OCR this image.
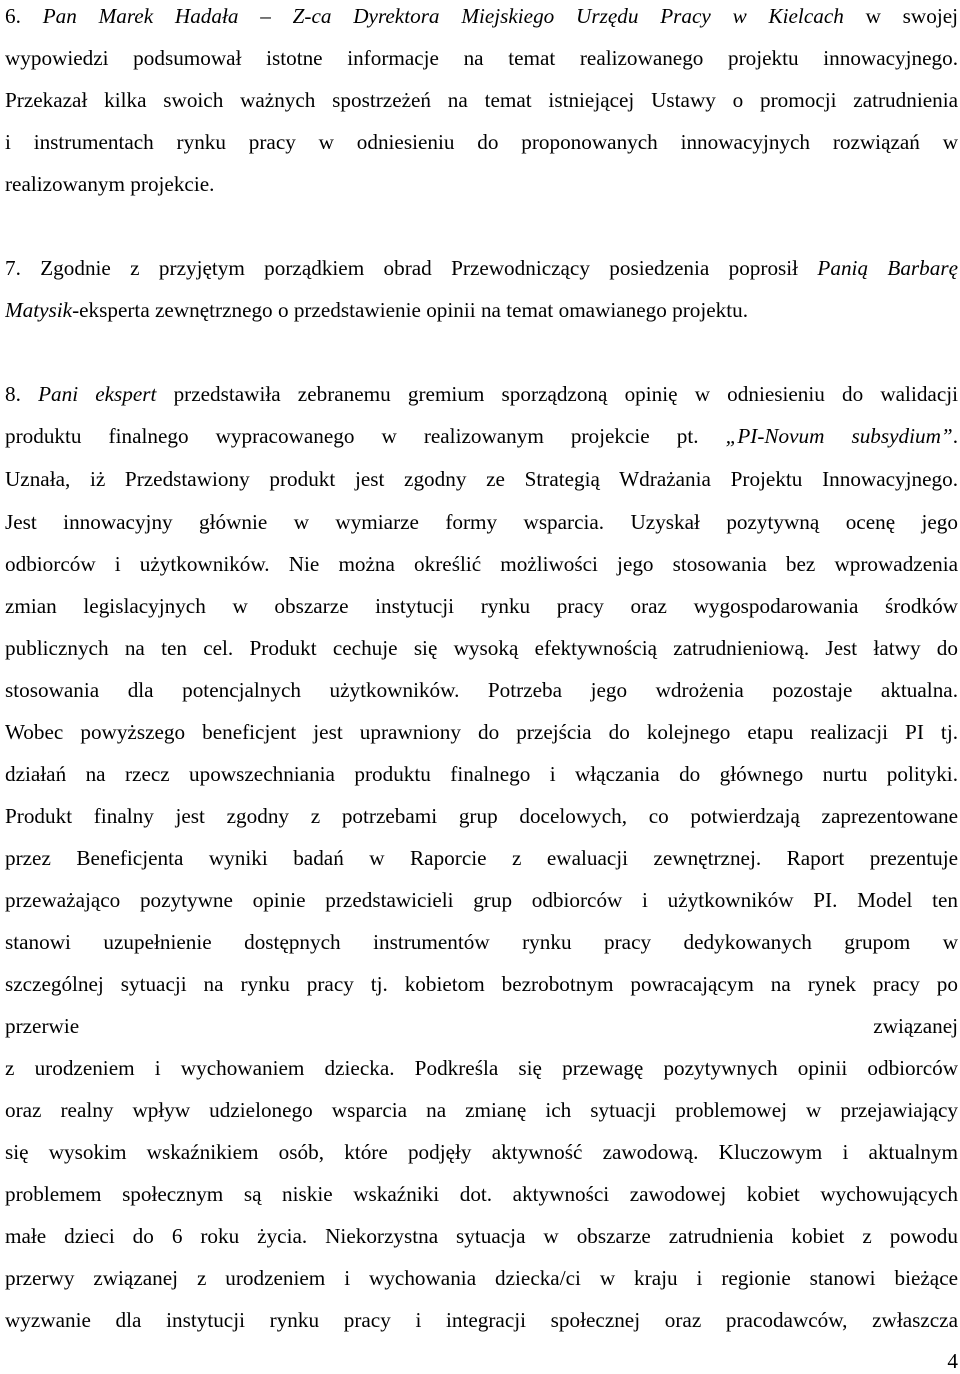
6. Pan Marek Hadała – Z-ca Dyrektora Miejskiego Urzędu Pracy w Kielcach w swojej
wypowiedzi podsumował istotne informacje na temat realizowanego projektu innowacyjnego.
Przekazał kilka swoich ważnych spostrzeżeń na temat istniejącej Ustawy o promocji zatrudnienia
i instrumentach rynku pracy w odniesieniu do proponowanych innowacyjnych rozwiązań w
realizowanym projekcie.
7. Zgodnie z przyjętym porządkiem obrad Przewodniczący posiedzenia poprosił Panią Barbarę
Matysik-eksperta zewnętrznego o przedstawienie opinii na temat omawianego projektu.
8. Pani ekspert przedstawiła zebranemu gremium sporządzoną opinię w odniesieniu do walidacji
produktu finalnego wypracowanego w realizowanym projekcie pt. „PI-Novum subsydium”.
Uznała, iż Przedstawiony produkt jest zgodny ze Strategią Wdrażania Projektu Innowacyjnego.
Jest innowacyjny głównie w wymiarze formy wsparcia. Uzyskał pozytywną ocenę jego
odbiorców i użytkowników. Nie można określić możliwości jego stosowania bez wprowadzenia
zmian legislacyjnych w obszarze instytucji rynku pracy oraz wygospodarowania środków
publicznych na ten cel. Produkt cechuje się wysoką efektywnością zatrudnieniową. Jest łatwy do
stosowania dla potencjalnych użytkowników. Potrzeba jego wdrożenia pozostaje aktualna.
Wobec powyższego beneficjent jest uprawniony do przejścia do kolejnego etapu realizacji PI tj.
działań na rzecz upowszechniania produktu finalnego i włączania do głównego nurtu polityki.
Produkt finalny jest zgodny z potrzebami grup docelowych, co potwierdzają zaprezentowane
przez Beneficjenta wyniki badań w Raporcie z ewaluacji zewnętrznej. Raport prezentuje
przeważająco pozytywne opinie przedstawicieli grup odbiorców i użytkowników PI. Model ten
stanowi uzupełnienie dostępnych instrumentów rynku pracy dedykowanych grupom w
szczególnej sytuacji na rynku pracy tj. kobietom bezrobotnym powracającym na rynek pracy po
przerwie związanej
z urodzeniem i wychowaniem dziecka. Podkreśla się przewagę pozytywnych opinii odbiorców
oraz realny wpływ udzielonego wsparcia na zmianę ich sytuacji problemowej w przejawiający
się wysokim wskaźnikiem osób, które podjęły aktywność zawodową. Kluczowym i aktualnym
problemem społecznym są niskie wskaźniki dot. aktywności zawodowej kobiet wychowujących
małe dzieci do 6 roku życia. Niekorzystna sytuacja w obszarze zatrudnienia kobiet z powodu
przerwy związanej z urodzeniem i wychowania dziecka/ci w kraju i regionie stanowi bieżące
wyzwanie dla instytucji rynku pracy i integracji społecznej oraz pracodawców, zwłaszcza
4
